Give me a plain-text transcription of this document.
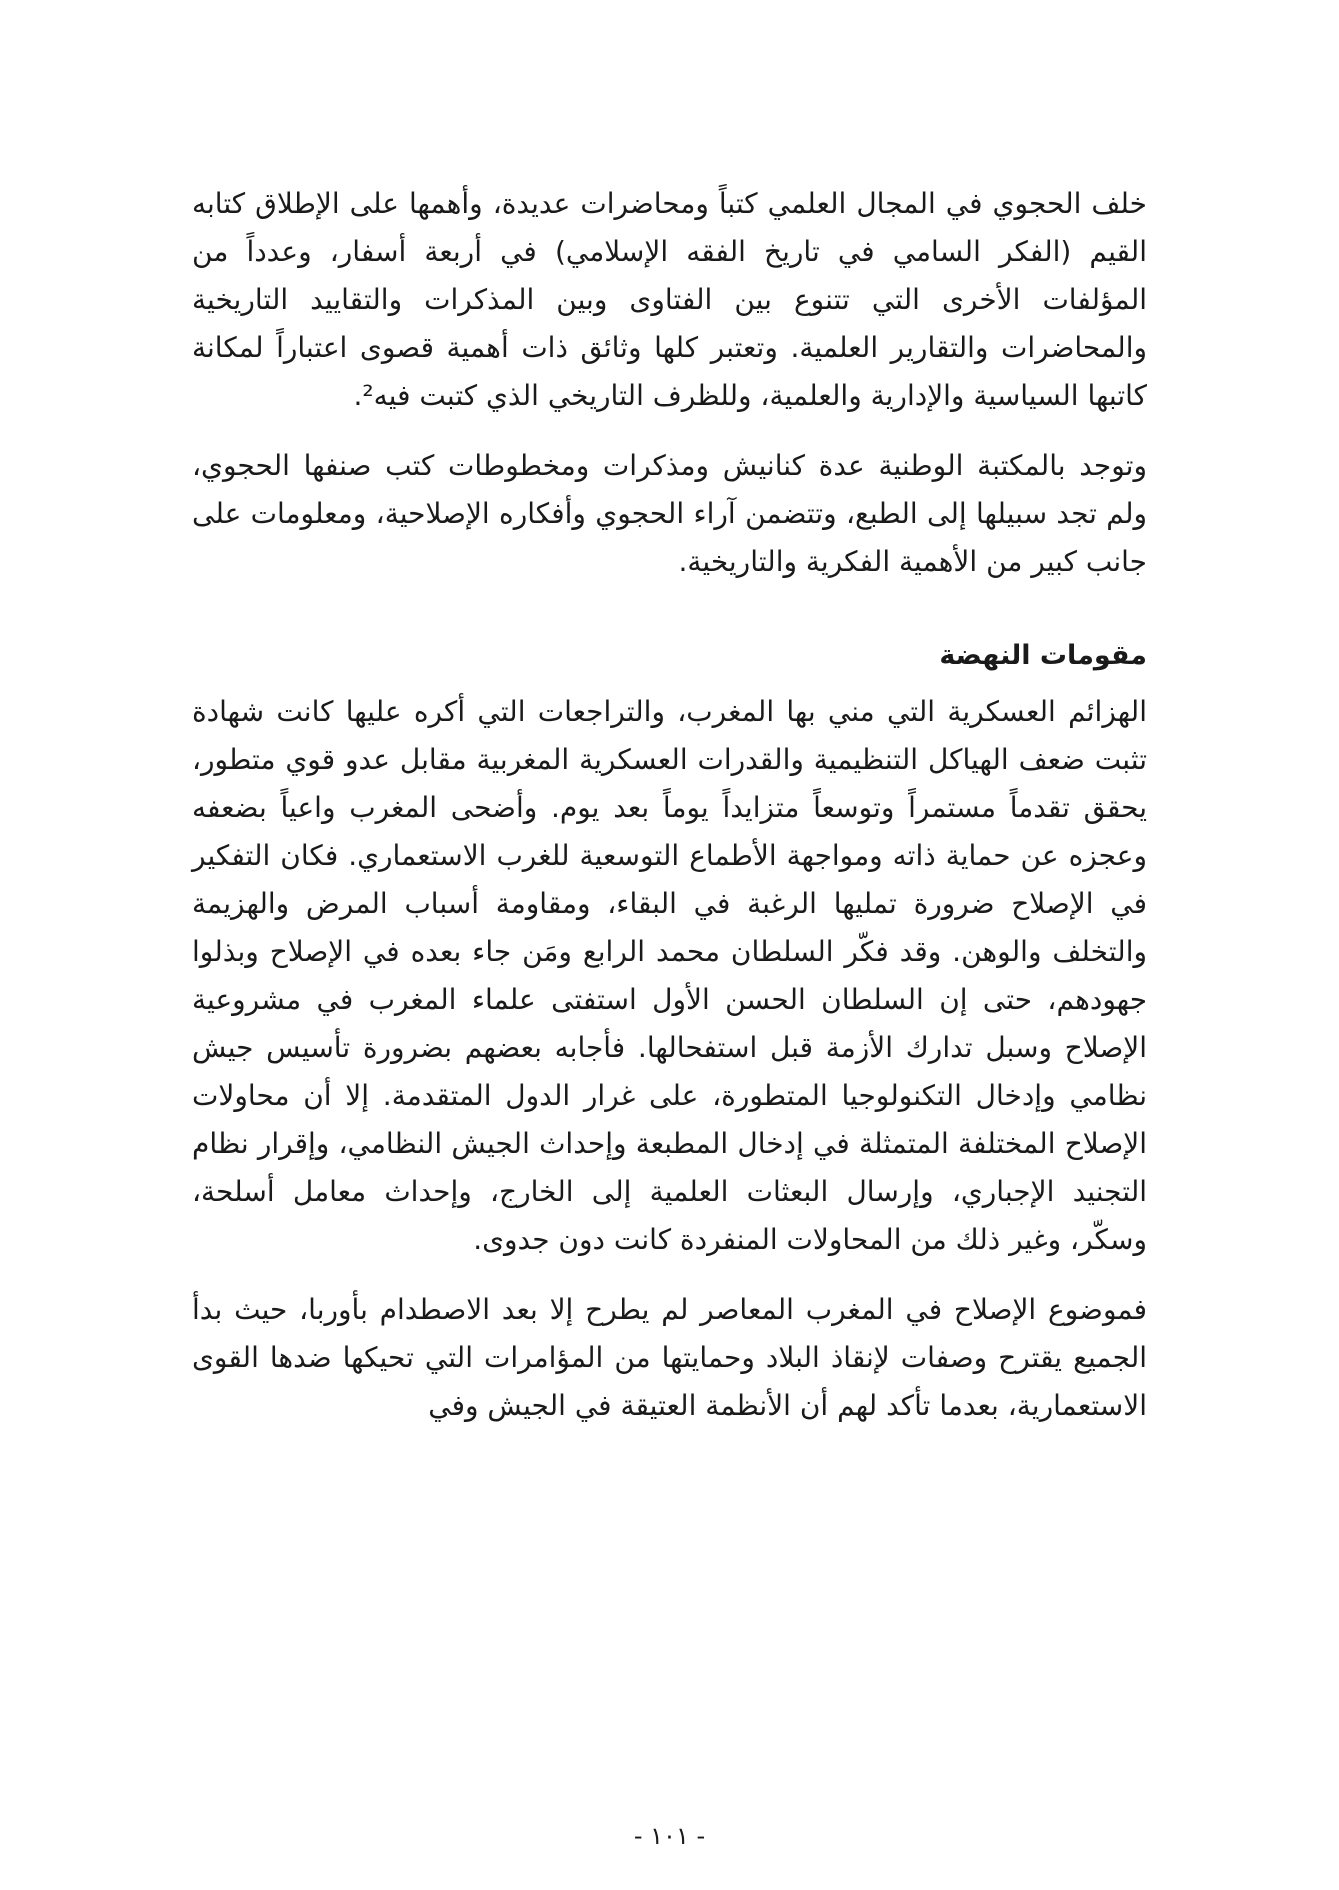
خلف الحجوي في المجال العلمي كتباً ومحاضرات عديدة، وأهمها على الإطلاق كتابه القيم (الفكر السامي في تاريخ الفقه الإسلامي) في أربعة أسفار، وعدداً من المؤلفات الأخرى التي تتنوع بين الفتاوى وبين المذكرات والتقاييد التاريخية والمحاضرات والتقارير العلمية. وتعتبر كلها وثائق ذات أهمية قصوى اعتباراً لمكانة كاتبها السياسية والإدارية والعلمية، وللظرف التاريخي الذي كتبت فيه².

وتوجد بالمكتبة الوطنية عدة كنانيش ومذكرات ومخطوطات كتب صنفها الحجوي، ولم تجد سبيلها إلى الطبع، وتتضمن آراء الحجوي وأفكاره الإصلاحية، ومعلومات على جانب كبير من الأهمية الفكرية والتاريخية.

مقومات النهضة

الهزائم العسكرية التي مني بها المغرب، والتراجعات التي أكره عليها كانت شهادة تثبت ضعف الهياكل التنظيمية والقدرات العسكرية المغربية مقابل عدو قوي متطور، يحقق تقدماً مستمراً وتوسعاً متزايداً يوماً بعد يوم. وأضحى المغرب واعياً بضعفه وعجزه عن حماية ذاته ومواجهة الأطماع التوسعية للغرب الاستعماري. فكان التفكير في الإصلاح ضرورة تمليها الرغبة في البقاء، ومقاومة أسباب المرض والهزيمة والتخلف والوهن. وقد فكّر السلطان محمد الرابع ومَن جاء بعده في الإصلاح وبذلوا جهودهم، حتى إن السلطان الحسن الأول استفتى علماء المغرب في مشروعية الإصلاح وسبل تدارك الأزمة قبل استفحالها. فأجابه بعضهم بضرورة تأسيس جيش نظامي وإدخال التكنولوجيا المتطورة، على غرار الدول المتقدمة. إلا أن محاولات الإصلاح المختلفة المتمثلة في إدخال المطبعة وإحداث الجيش النظامي، وإقرار نظام التجنيد الإجباري، وإرسال البعثات العلمية إلى الخارج، وإحداث معامل أسلحة، وسكّر، وغير ذلك من المحاولات المنفردة كانت دون جدوى.

فموضوع الإصلاح في المغرب المعاصر لم يطرح إلا بعد الاصطدام بأوربا، حيث بدأ الجميع يقترح وصفات لإنقاذ البلاد وحمايتها من المؤامرات التي تحيكها ضدها القوى الاستعمارية، بعدما تأكد لهم أن الأنظمة العتيقة في الجيش وفي

- ١٠١ -
